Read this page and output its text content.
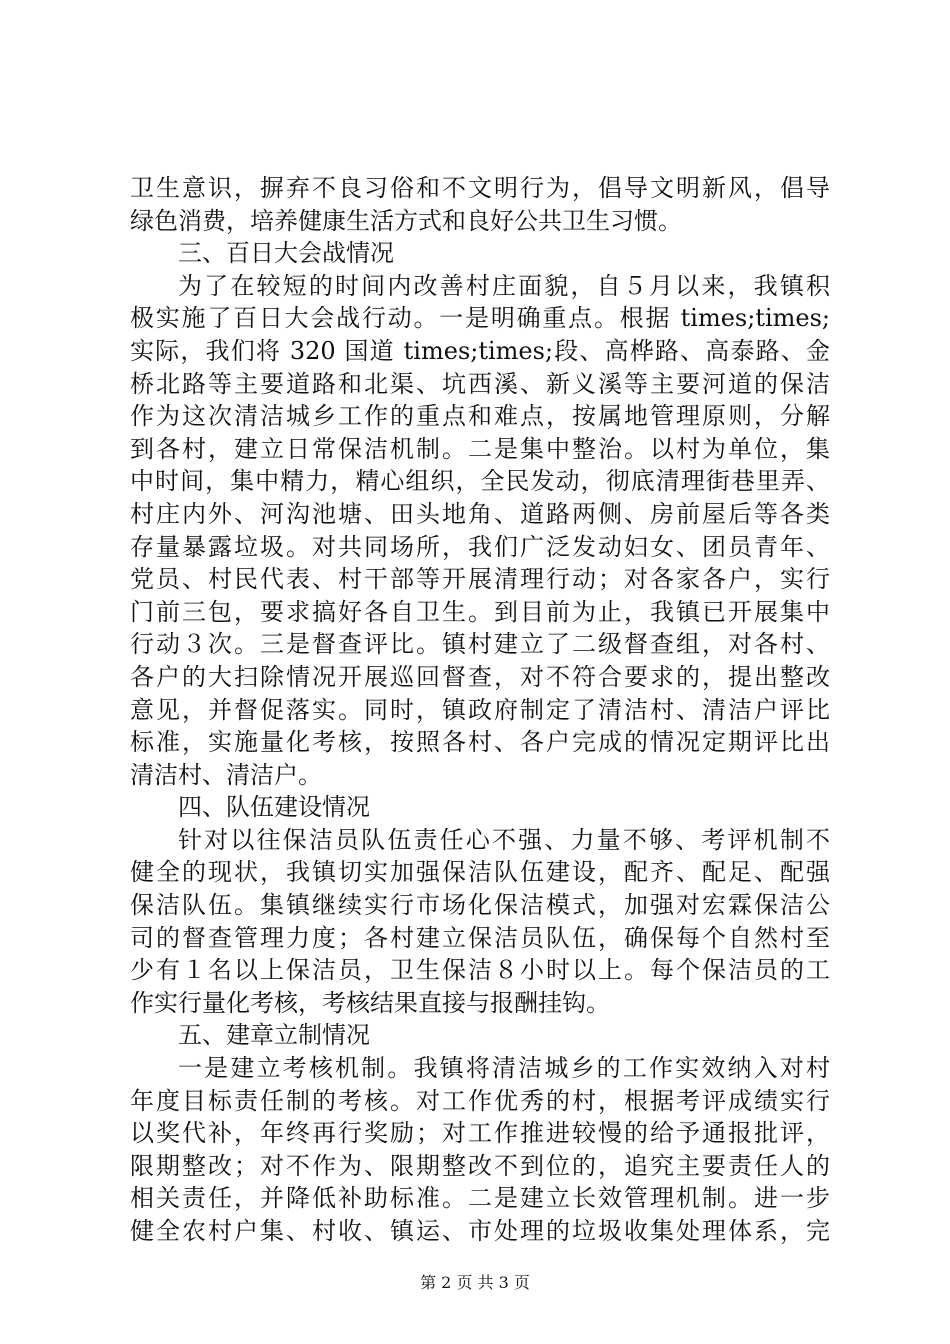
卫生意识，摒弃不良习俗和不文明行为，倡导文明新风，倡导
绿色消费，培养健康生活方式和良好公共卫生习惯。
三、百日大会战情况
为了在较短的时间内改善村庄面貌，自５月以来，我镇积
极实施了百日大会战行动。一是明确重点。根据 times;times;
实际，我们将 320 国道 times;times;段、高桦路、高泰路、金
桥北路等主要道路和北渠、坑西溪、新义溪等主要河道的保洁
作为这次清洁城乡工作的重点和难点，按属地管理原则，分解
到各村，建立日常保洁机制。二是集中整治。以村为单位，集
中时间，集中精力，精心组织，全民发动，彻底清理街巷里弄、
村庄内外、河沟池塘、田头地角、道路两侧、房前屋后等各类
存量暴露垃圾。对共同场所，我们广泛发动妇女、团员青年、
党员、村民代表、村干部等开展清理行动；对各家各户，实行
门前三包，要求搞好各自卫生。到目前为止，我镇已开展集中
行动３次。三是督查评比。镇村建立了二级督查组，对各村、
各户的大扫除情况开展巡回督查，对不符合要求的，提出整改
意见，并督促落实。同时，镇政府制定了清洁村、清洁户评比
标准，实施量化考核，按照各村、各户完成的情况定期评比出
清洁村、清洁户。
四、队伍建设情况
针对以往保洁员队伍责任心不强、力量不够、考评机制不
健全的现状，我镇切实加强保洁队伍建设，配齐、配足、配强
保洁队伍。集镇继续实行市场化保洁模式，加强对宏霖保洁公
司的督查管理力度；各村建立保洁员队伍，确保每个自然村至
少有１名以上保洁员，卫生保洁８小时以上。每个保洁员的工
作实行量化考核，考核结果直接与报酬挂钩。
五、建章立制情况
一是建立考核机制。我镇将清洁城乡的工作实效纳入对村
年度目标责任制的考核。对工作优秀的村，根据考评成绩实行
以奖代补，年终再行奖励；对工作推进较慢的给予通报批评，
限期整改；对不作为、限期整改不到位的，追究主要责任人的
相关责任，并降低补助标准。二是建立长效管理机制。进一步
健全农村户集、村收、镇运、市处理的垃圾收集处理体系，完
第 2 页 共 3 页
